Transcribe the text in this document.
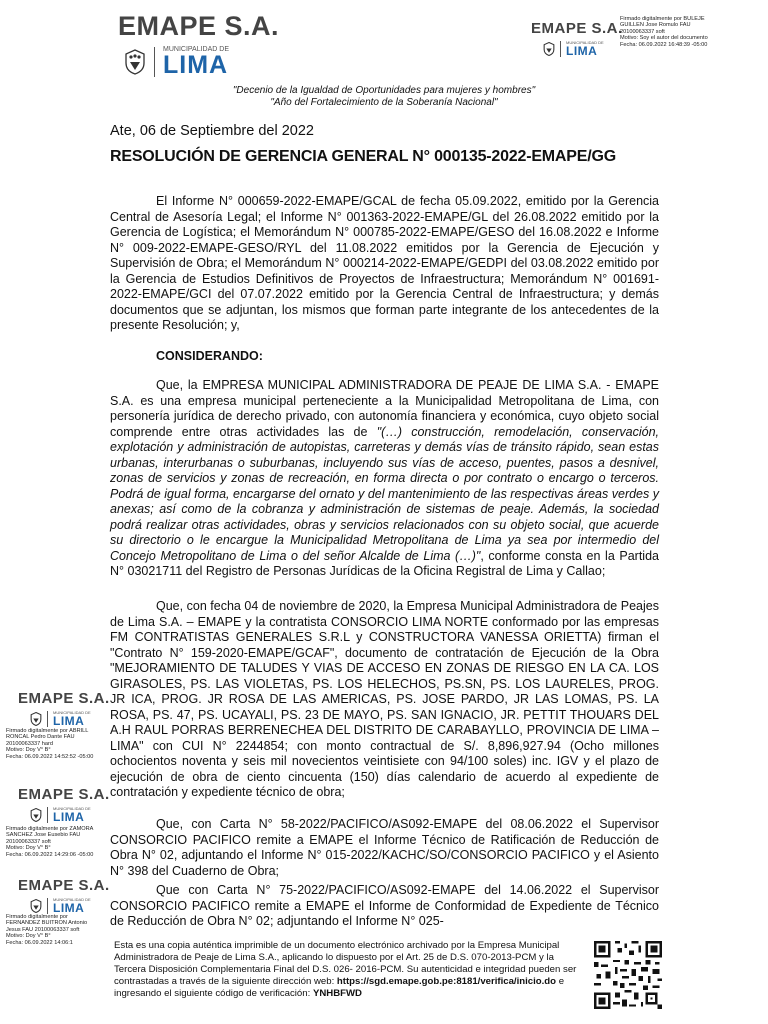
EMAPE S.A.
MUNICIPALIDAD DE
LIMA
EMAPE S.A.
MUNICIPALIDAD DE
LIMA
Firmado digitalmente por BULEJE
GUILLEN Jose Romulo FAU
20100063337 soft
Motivo: Soy el autor del documento
Fecha: 06.09.2022 16:48:39 -05:00
"Decenio de la Igualdad de Oportunidades para mujeres y hombres"
"Año del Fortalecimiento de la Soberanía Nacional"
Ate, 06 de Septiembre del 2022
RESOLUCIÓN DE GERENCIA GENERAL N° 000135-2022-EMAPE/GG

El Informe N° 000659-2022-EMAPE/GCAL de fecha 05.09.2022, emitido por la Gerencia Central de Asesoría Legal; el Informe N° 001363-2022-EMAPE/GL del 26.08.2022 emitido por la Gerencia de Logística; el Memorándum N° 000785-2022-EMAPE/GESO del 16.08.2022 e Informe N° 009-2022-EMAPE-GESO/RYL del 11.08.2022 emitidos por la Gerencia de Ejecución y Supervisión de Obra; el Memorándum N° 000214-2022-EMAPE/GEDPI del 03.08.2022 emitido por la Gerencia de Estudios Definitivos de Proyectos de Infraestructura; Memorándum N° 001691-2022-EMAPE/GCI del 07.07.2022 emitido por la Gerencia Central de Infraestructura; y demás documentos que se adjuntan, los mismos que forman parte integrante de los antecedentes de la presente Resolución; y,

CONSIDERANDO:

Que, la EMPRESA MUNICIPAL ADMINISTRADORA DE PEAJE DE LIMA S.A. - EMAPE S.A. es una empresa municipal perteneciente a la Municipalidad Metropolitana de Lima, con personería jurídica de derecho privado, con autonomía financiera y económica, cuyo objeto social comprende entre otras actividades las de "(…) construcción, remodelación, conservación, explotación y administración de autopistas, carreteras y demás vías de tránsito rápido, sean estas urbanas, interurbanas o suburbanas, incluyendo sus vías de acceso, puentes, pasos a desnivel, zonas de servicios y zonas de recreación, en forma directa o por contrato o encargo o terceros. Podrá de igual forma, encargarse del ornato y del mantenimiento de las respectivas áreas verdes y anexas; así como de la cobranza y administración de sistemas de peaje. Además, la sociedad podrá realizar otras actividades, obras y servicios relacionados con su objeto social, que acuerde su directorio o le encargue la Municipalidad Metropolitana de Lima ya sea por intermedio del Concejo Metropolitano de Lima o del señor Alcalde de Lima (…)", conforme consta en la Partida N° 03021711 del Registro de Personas Jurídicas de la Oficina Registral de Lima y Callao;

Que, con fecha 04 de noviembre de 2020, la Empresa Municipal Administradora de Peajes de Lima S.A. – EMAPE y la contratista CONSORCIO LIMA NORTE conformado por las empresas FM CONTRATISTAS GENERALES S.R.L y CONSTRUCTORA VANESSA ORIETTA) firman el "Contrato N° 159-2020-EMAPE/GCAF", documento de contratación de Ejecución de la Obra "MEJORAMIENTO DE TALUDES Y VIAS DE ACCESO EN ZONAS DE RIESGO EN LA CA. LOS GIRASOLES, PS. LAS VIOLETAS, PS. LOS HELECHOS, PS.SN, PS. LOS LAURELES, PROG. JR ICA, PROG. JR ROSA DE LAS AMERICAS, PS. JOSE PARDO, JR LAS LOMAS, PS. LA ROSA, PS. 47, PS. UCAYALI, PS. 23 DE MAYO, PS. SAN IGNACIO, JR. PETTIT THOUARS DEL A.H RAUL PORRAS BERRENECHEA DEL DISTRITO DE CARABAYLLO, PROVINCIA DE LIMA – LIMA" con CUI N° 2244854; con monto contractual de S/. 8,896,927.94 (Ocho millones ochocientos noventa y seis mil novecientos veintisiete con 94/100 soles) inc. IGV y el plazo de ejecución de obra de ciento cincuenta (150) días calendario de acuerdo al expediente de contratación y expediente técnico de obra;

Que, con Carta N° 58-2022/PACIFICO/AS092-EMAPE del 08.06.2022 el Supervisor CONSORCIO PACIFICO remite a EMAPE el Informe Técnico de Ratificación de Reducción de Obra N° 02, adjuntando el Informe N° 015-2022/KACHC/SO/CONSORCIO PACIFICO y el Asiento N° 398 del Cuaderno de Obra;

Que con Carta N° 75-2022/PACIFICO/AS092-EMAPE del 14.06.2022 el Supervisor CONSORCIO PACIFICO remite a EMAPE el Informe de Conformidad de Expediente de Técnico de Reducción de Obra N° 02; adjuntando el Informe N° 025-

EMAPE S.A.
MUNICIPALIDAD DE
LIMA
Firmado digitalmente por ABRILL
RONCAL Pedro Dante FAU
20100063337 hard
Motivo: Doy V° B°
Fecha: 06.09.2022 14:52:52 -05:00
EMAPE S.A.
MUNICIPALIDAD DE
LIMA
Firmado digitalmente por ZAMORA
SANCHEZ Jose Eusebio FAU
20100063337 soft
Motivo: Doy V° B°
Fecha: 06.09.2022 14:29:06 -05:00
EMAPE S.A.
MUNICIPALIDAD DE
LIMA
Firmado digitalmente por
FERNANDEZ BUITRON Antonio
Jesus FAU 20100063337 soft
Motivo: Doy V° B°
Fecha: 06.09.2022 14:06:1	Esta es una copia auténtica imprimible de un documento electrónico archivado por la Empresa Municipal Administradora de Peaje de Lima S.A., aplicando lo dispuesto por el Art. 25 de D.S. 070-2013-PCM y la Tercera Disposición Complementaria Final del D.S. 026- 2016-PCM. Su autenticidad e integridad pueden ser contrastadas a través de la siguiente dirección web: https://sgd.emape.gob.pe:8181/verifica/inicio.do e ingresando el siguiente código de verificación: YNHBFWD
